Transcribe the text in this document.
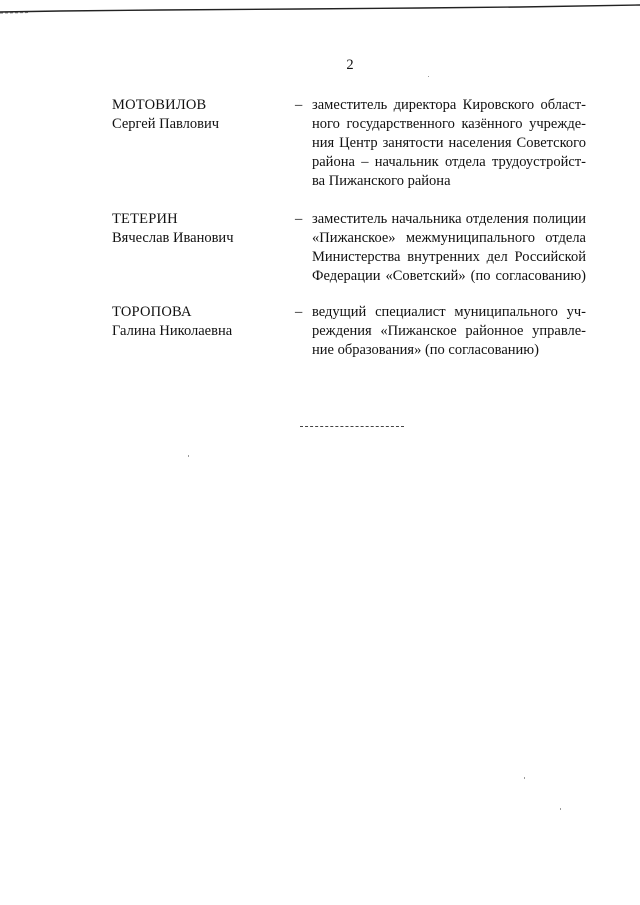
2
МОТОВИЛОВ
Сергей Павлович
– заместитель директора Кировского област-
ного государственного казённого учрежде-
ния Центр занятости населения Советского
района – начальник отдела трудоустройст-
ва Пижанского района
ТЕТЕРИН
Вячеслав Иванович
– заместитель начальника отделения полиции
«Пижанское» межмуниципального отдела
Министерства внутренних дел Российской
Федерации «Советский» (по согласованию)
ТОРОПОВА
Галина Николаевна
– ведущий специалист муниципального уч-
реждения «Пижанское районное управле-
ние образования» (по согласованию)
